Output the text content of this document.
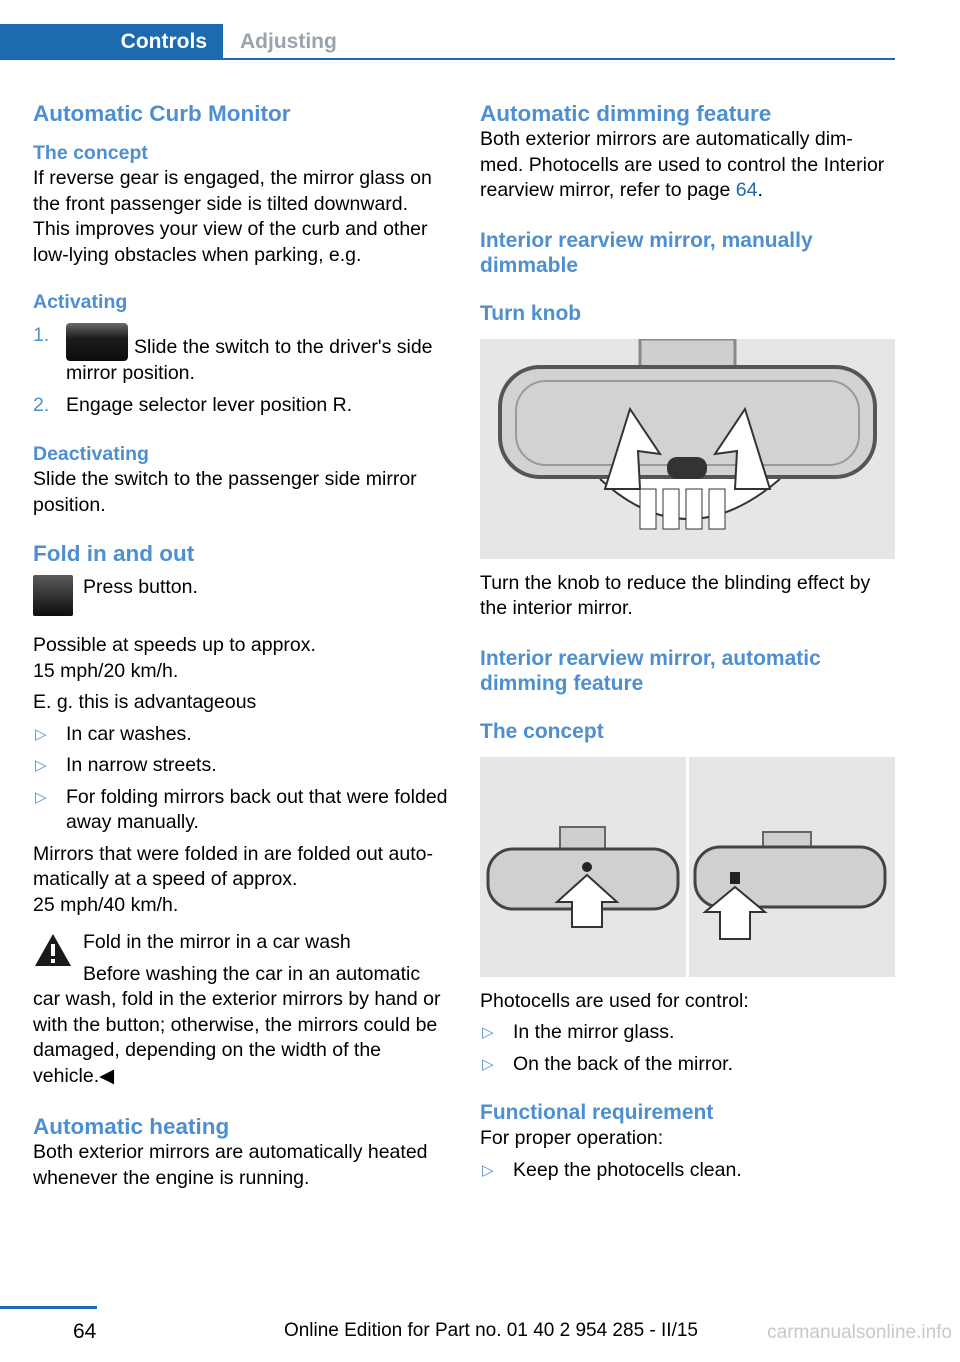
Controls	Adjusting
Automatic Curb Monitor
The concept

If reverse gear is engaged, the mirror glass on the front passenger side is tilted downward. This improves your view of the curb and other low-lying obstacles when parking, e.g.

Activating
1.
Slide the switch to the driver's side mirror position.
2. Engage selector lever position R.
Deactivating

Slide the switch to the passenger side mirror position.

Fold in and out

Press button.

Possible at speeds up to approx.

15 mph/20 km/h.

E. g. this is advantageous

▷ In car washes.
▷ In narrow streets.
▷ For folding mirrors back out that were folded away manually.

Mirrors that were folded in are folded out auto‐ matically at a speed of approx.

25 mph/40 km/h.

Fold in the mirror in a car wash

Before washing the car in an automatic car wash, fold in the exterior mirrors by hand or with the button; otherwise, the mirrors could be damaged, depending on the width of the vehicle.◀

Automatic heating

Both exterior mirrors are automatically heated whenever the engine is running.

Automatic dimming feature

Both exterior mirrors are automatically dim‐ med. Photocells are used to control the Interior rearview mirror, refer to page 64.

Interior rearview mirror, manually dimmable
Turn knob

Turn the knob to reduce the blinding effect by the interior mirror.

Interior rearview mirror, automatic dimming feature
The concept

Photocells are used for control:

▷ In the mirror glass.
▷ On the back of the mirror.
Functional requirement

For proper operation:

▷ Keep the photocells clean.
64	Online Edition for Part no. 01 40 2 954 285 - II/15	carmanualsonline.info
